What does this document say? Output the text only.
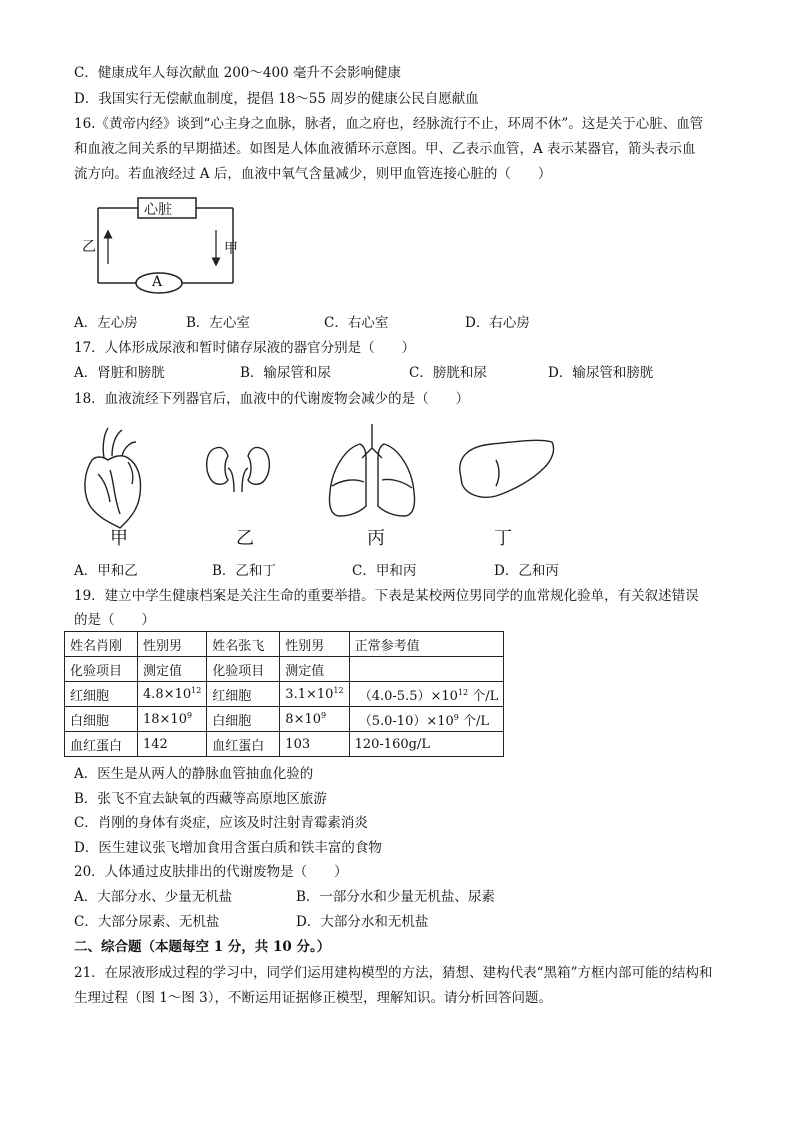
C．健康成年人每次献血 200～400 毫升不会影响健康
D．我国实行无偿献血制度，提倡 18～55 周岁的健康公民自愿献血
16.《黄帝内经》谈到“心主身之血脉，脉者，血之府也，经脉流行不止，环周不休”。这是关于心脏、血管
和血液之间关系的早期描述。如图是人体血液循环示意图。甲、乙表示血管，A 表示某器官，箭头表示血
流方向。若血液经过 A 后，血液中氧气含量减少，则甲血管连接心脏的（　　）
心脏
乙	甲
A
A．左心房	B．左心室	C．右心室	D．右心房
17．人体形成尿液和暂时储存尿液的器官分别是（　　）
A．肾脏和膀胱	B．输尿管和尿	C．膀胱和尿	D．输尿管和膀胱
18．血液流经下列器官后，血液中的代谢废物会减少的是（　　）
甲	乙	丙	丁
A．甲和乙	B．乙和丁	C．甲和丙	D．乙和丙
19．建立中学生健康档案是关注生命的重要举措。下表是某校两位男同学的血常规化验单，有关叙述错误
的是（　　）
姓名肖刚	性别男	姓名张飞	性别男	正常参考值
化验项目	测定值	化验项目	测定值	
红细胞	$4.8\times 10^{12}$	红细胞	$3.1\times 10^{12}$	$(4.0-5.5)\times 10^{12}$ 个/L
白细胞	$18\times 10^9$	白细胞	$8\times 10^9$	$(5.0-10)\times 10^9$ 个/L
血红蛋白	142	血红蛋白	103	120-160g/L
A．医生是从两人的静脉血管抽血化验的
B．张飞不宜去缺氧的西藏等高原地区旅游
C．肖刚的身体有炎症，应该及时注射青霉素消炎
D．医生建议张飞增加食用含蛋白质和铁丰富的食物
20．人体通过皮肤排出的代谢废物是（　　）
A．大部分水、少量无机盐	B．一部分水和少量无机盐、尿素
C．大部分尿素、无机盐	D．大部分水和无机盐
二、综合题（本题每空 1 分，共 10 分。）
21．在尿液形成过程的学习中，同学们运用建构模型的方法，猜想、建构代表“黑箱”方框内部可能的结构和
生理过程（图 1～图 3），不断运用证据修正模型，理解知识。请分析回答问题。
